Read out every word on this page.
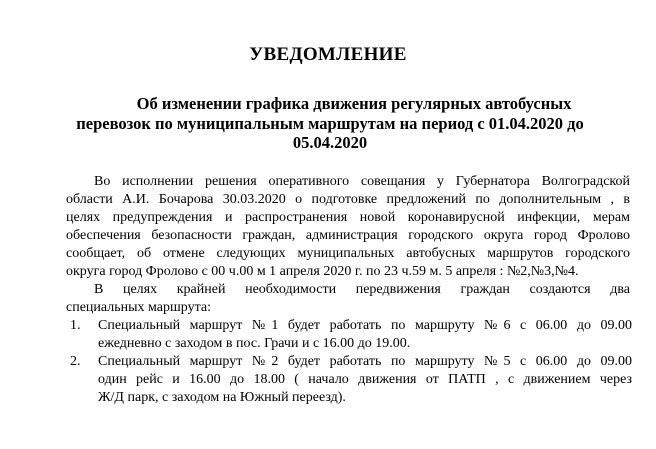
УВЕДОМЛЕНИЕ
Об изменении графика движения регулярных автобусных
перевозок по муниципальным маршрутам на период с 01.04.2020 до
05.04.2020
Во исполнении решения оперативного совещания у Губернатора Волгоградской
области А.И. Бочарова 30.03.2020 о подготовке предложений по дополнительным , в
целях предупреждения и распространения новой коронавирусной инфекции, мерам
обеспечения безопасности граждан, администрация городского округа город Фролово
сообщает, об отмене следующих муниципальных автобусных маршрутов городского
округа город Фролово с 00 ч.00 м 1 апреля 2020 г. по 23 ч.59 м. 5 апреля : №2,№3,№4.
В целях крайней необходимости передвижения граждан создаются два
специальных маршрута:
1. Специальный маршрут №1 будет работать по маршруту №6 с 06.00 до 09.00
ежедневно с заходом в пос. Грачи и с 16.00 до 19.00.
2. Специальный маршрут №2 будет работать по маршруту №5 с 06.00 до 09.00
один рейс и 16.00 до 18.00 ( начало движения от ПАТП , с движением через
Ж/Д парк, с заходом на Южный переезд).
